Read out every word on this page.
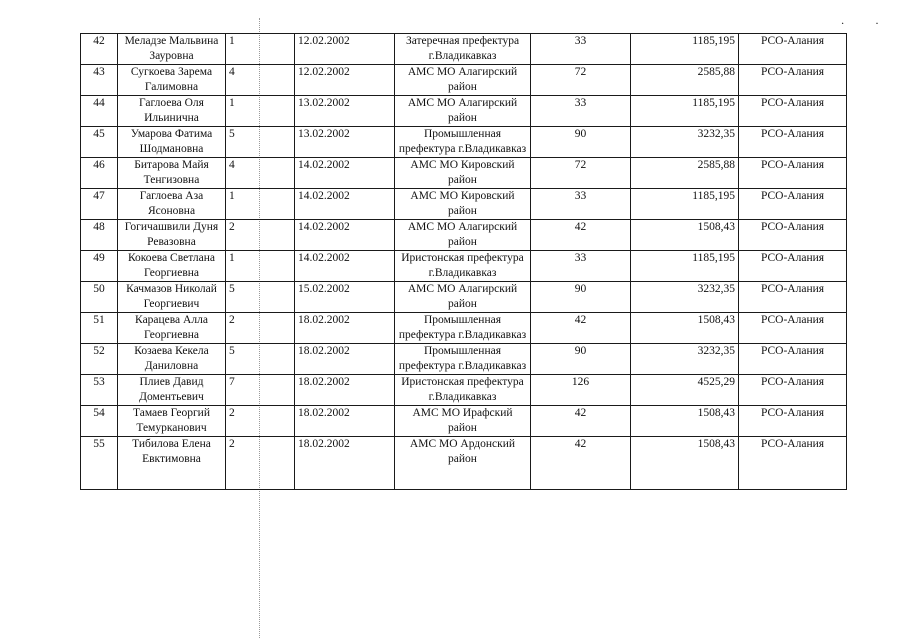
· ·
42	Меладзе Мальвина Зауровна	1	12.02.2002	Затеречная префектура г.Владикавказ	33	1185,195	РСО-Алания
43	Сугкоева Зарема Галимовна	4	12.02.2002	АМС МО Алагирский район	72	2585,88	РСО-Алания
44	Гаглоева Оля Ильинична	1	13.02.2002	АМС МО Алагирский район	33	1185,195	РСО-Алания
45	Умарова Фатима Шодмановна	5	13.02.2002	Промышленная префектура г.Владикавказ	90	3232,35	РСО-Алания
46	Битарова Майя Тенгизовна	4	14.02.2002	АМС МО Кировский район	72	2585,88	РСО-Алания
47	Гаглоева Аза Ясоновна	1	14.02.2002	АМС МО Кировский район	33	1185,195	РСО-Алания
48	Гогичашвили Дуня Ревазовна	2	14.02.2002	АМС МО Алагирский район	42	1508,43	РСО-Алания
49	Кокоева Светлана Георгиевна	1	14.02.2002	Иристонская префектура г.Владикавказ	33	1185,195	РСО-Алания
50	Качмазов Николай Георгиевич	5	15.02.2002	АМС МО Алагирский район	90	3232,35	РСО-Алания
51	Карацева Алла Георгиевна	2	18.02.2002	Промышленная префектура г.Владикавказ	42	1508,43	РСО-Алания
52	Козаева Кекела Даниловна	5	18.02.2002	Промышленная префектура г.Владикавказ	90	3232,35	РСО-Алания
53	Плиев Давид Доментьевич	7	18.02.2002	Иристонская префектура г.Владикавказ	126	4525,29	РСО-Алания
54	Тамаев Георгий Темурканович	2	18.02.2002	АМС МО Ирафский район	42	1508,43	РСО-Алания
55	Тибилова Елена Евктимовна	2	18.02.2002	АМС МО Ардонский район	42	1508,43	РСО-Алания
